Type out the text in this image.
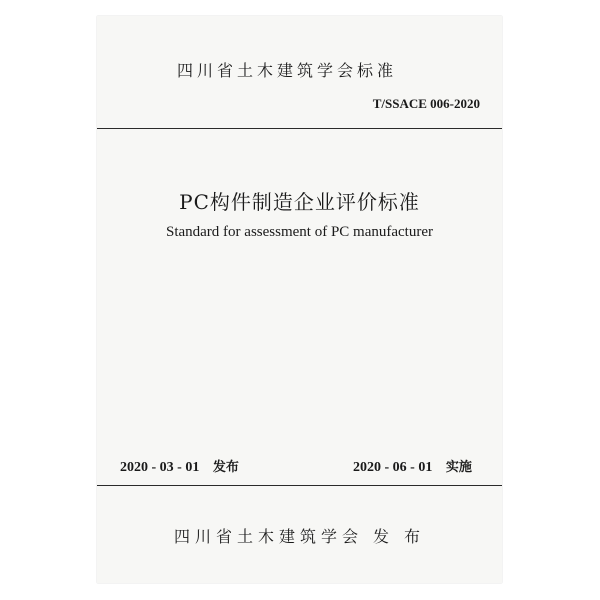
四川省土木建筑学会标准
T/SSACE 006-2020
PC构件制造企业评价标准
Standard for assessment of PC manufacturer
2020 - 03 - 01 发布	2020 - 06 - 01 实施
四川省土木建筑学会 发 布
